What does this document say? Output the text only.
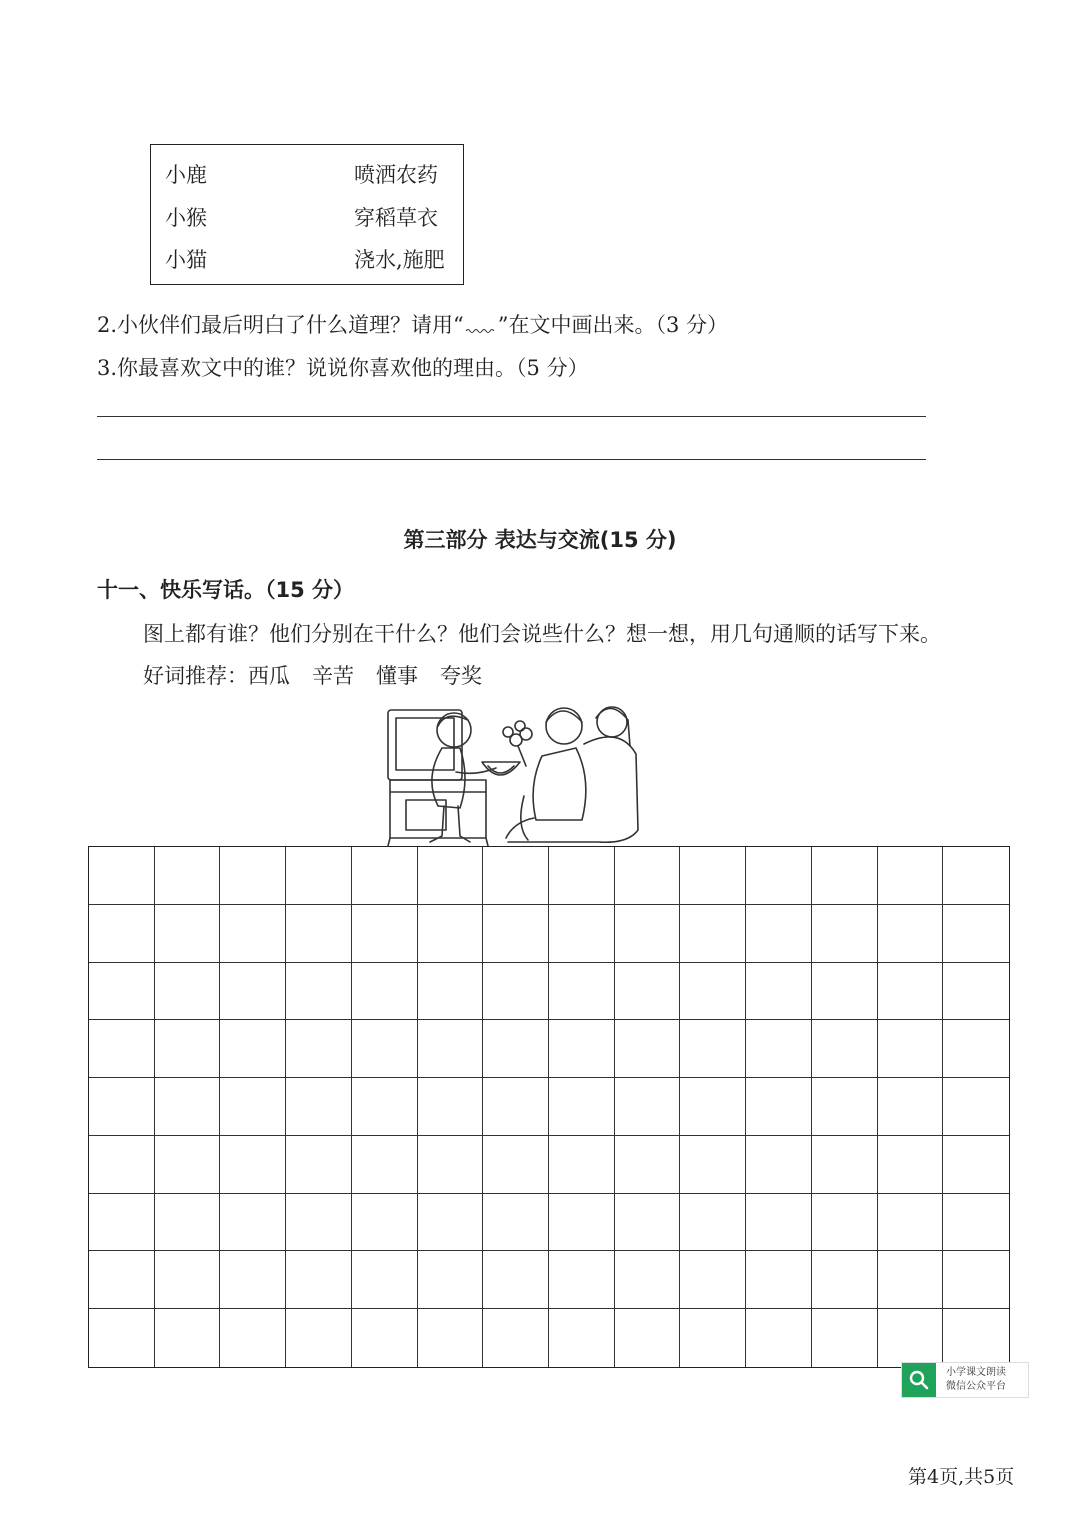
小鹿	喷洒农药
小猴	穿稻草衣
小猫	浇水,施肥
2.小伙伴们最后明白了什么道理？请用“ ”在文中画出来。（3 分）
3.你最喜欢文中的谁？说说你喜欢他的理由。（5 分）
第三部分 表达与交流(15 分)
十一、快乐写话。（15 分）
图上都有谁？他们分别在干什么？他们会说些什么？想一想，用几句通顺的话写下来。
好词推荐：西瓜 辛苦 懂事 夸奖
小学课文朗读
微信公众平台
第4页,共5页
